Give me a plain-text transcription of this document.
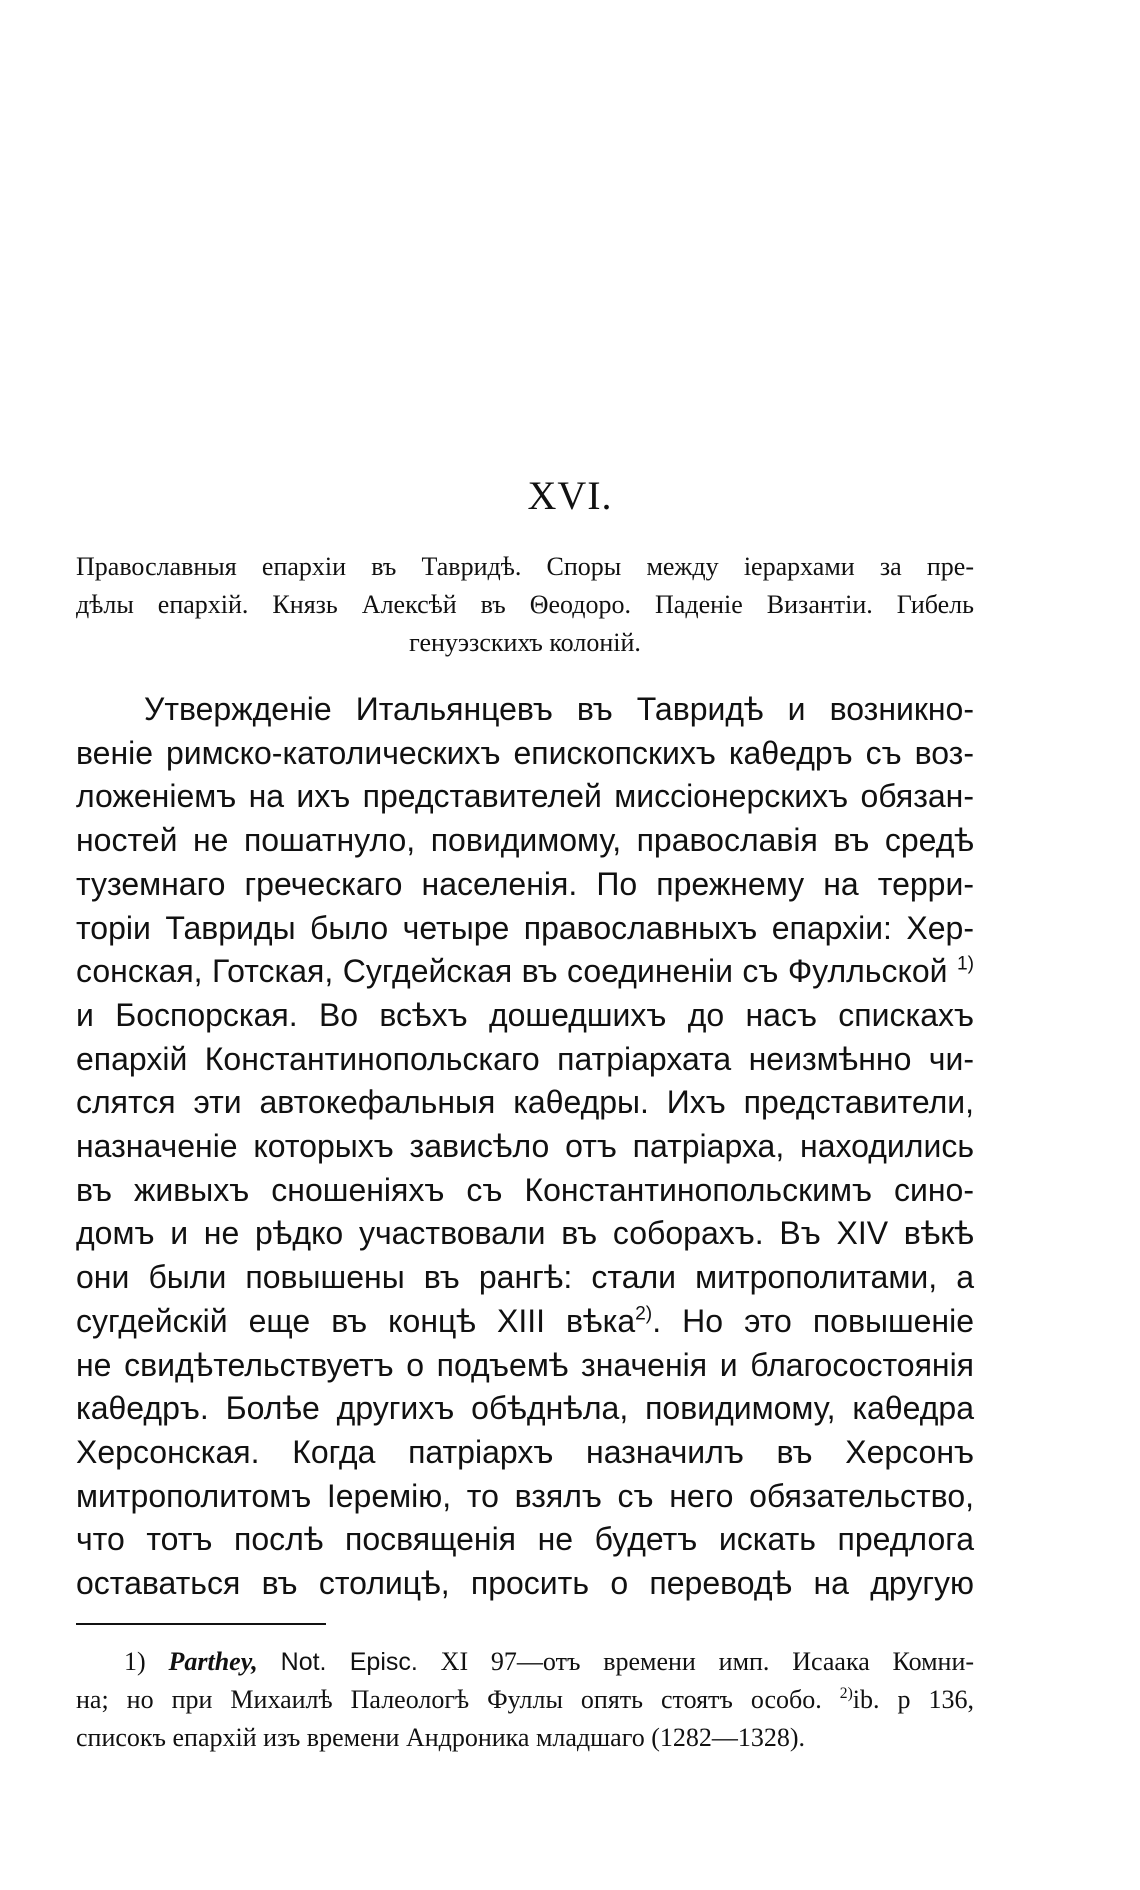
XVI.
Православныя епархіи въ Тавридѣ. Споры между іерархами за пре-
дѣлы епархій. Князь Алексѣй въ Θеодоро. Паденіе Византіи. Гибель
генуэзскихъ колоній.
Утвержденіе Итальянцевъ въ Тавридѣ и возникно-
веніе римско-католическихъ епископскихъ каθедръ съ воз-
ложеніемъ на ихъ представителей миссіонерскихъ обязан-
ностей не пошатнуло, повидимому, православія въ средѣ
туземнаго греческаго населенія. По прежнему на терри-
торіи Тавриды было четыре православныхъ епархіи: Хер-
сонская, Готская, Сугдейская въ соединеніи съ Фулльской $^{1)}$
и Боспорская. Во всѣхъ дошедшихъ до насъ спискахъ
епархій Константинопольскаго патріархата неизмѣнно чи-
слятся эти автокефальныя каθедры. Ихъ представители,
назначеніе которыхъ зависѣло отъ патріарха, находились
въ живыхъ сношеніяхъ съ Константинопольскимъ сино-
домъ и не рѣдко участвовали въ соборахъ. Въ XIV вѣкѣ
они были повышены въ рангѣ: стали митрополитами, а
сугдейскій еще въ концѣ XIII вѣка$^{2)}$. Но это повышеніе
не свидѣтельствуетъ о подъемѣ значенія и благосостоянія
каθедръ. Болѣе другихъ обѣднѣла, повидимому, каθедра
Херсонская. Когда патріархъ назначилъ въ Херсонъ
митрополитомъ Іеремію, то взялъ съ него обязательство,
что тотъ послѣ посвященія не будетъ искать предлога
оставаться въ столицѣ, просить о переводѣ на другую
1) Parthey, Not. Episc. XI 97—отъ времени имп. Исаака Комни-
на; но при Михаилѣ Палеологѣ Фуллы опять стоятъ особо. $^{2)}$ib. p 136,
списокъ епархій изъ времени Андроника младшаго (1282—1328).
